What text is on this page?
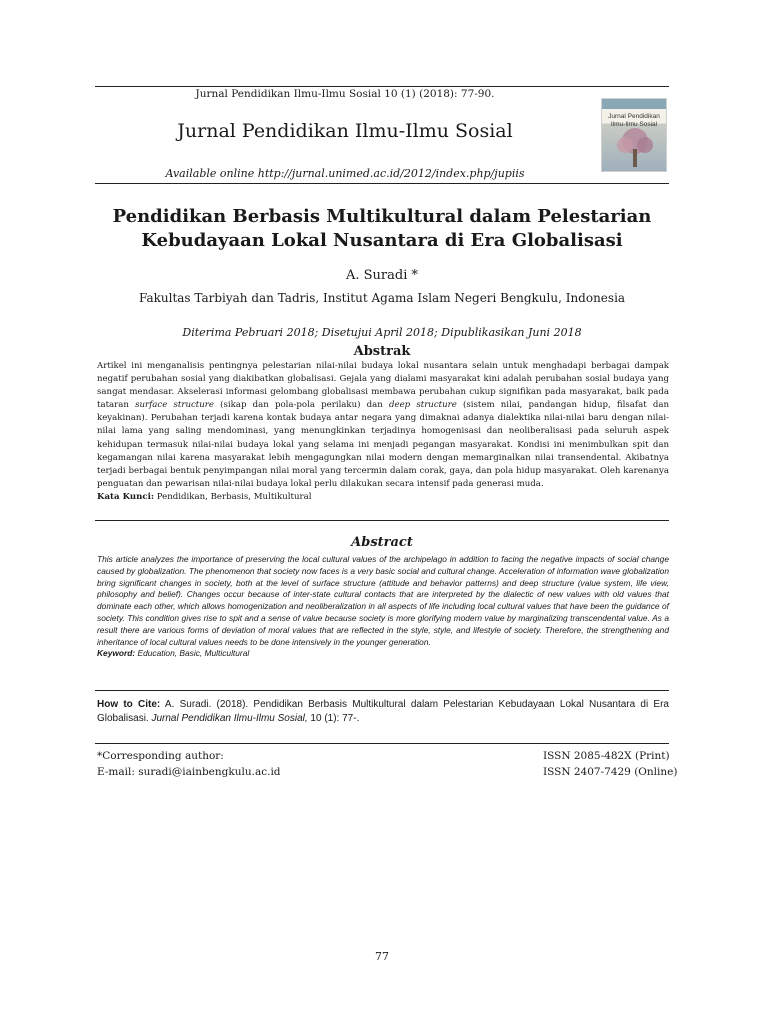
Jurnal Pendidikan Ilmu-Ilmu Sosial 10 (1) (2018): 77-90.
Jurnal Pendidikan Ilmu-Ilmu Sosial
Available online http://jurnal.unimed.ac.id/2012/index.php/jupiis
Jurnal Pendidikan
Ilmu-Ilmu Sosial
Pendidikan Berbasis Multikultural dalam Pelestarian
Kebudayaan Lokal Nusantara di Era Globalisasi
A. Suradi *
Fakultas Tarbiyah dan Tadris, Institut Agama Islam Negeri Bengkulu, Indonesia
Diterima Pebruari 2018; Disetujui April 2018; Dipublikasikan Juni 2018
Abstrak
Artikel ini menganalisis pentingnya pelestarian nilai-nilai budaya lokal nusantara selain untuk menghadapi berbagai dampak negatif perubahan sosial yang diakibatkan globalisasi. Gejala yang dialami masyarakat kini adalah perubahan sosial budaya yang sangat mendasar. Akselerasi informasi gelombang globalisasi membawa perubahan cukup signifikan pada masyarakat, baik pada tataran surface structure (sikap dan pola-pola perilaku) dan deep structure (sistem nilai, pandangan hidup, filsafat dan keyakinan). Perubahan terjadi karena kontak budaya antar negara yang dimaknai adanya dialektika nilai-nilai baru dengan nilai-nilai lama yang saling mendominasi, yang menungkinkan terjadinya homogenisasi dan neoliberalisasi pada seluruh aspek kehidupan termasuk nilai-nilai budaya lokal yang selama ini menjadi pegangan masyarakat. Kondisi ini menimbulkan spit dan kegamangan nilai karena masyarakat lebih mengagungkan nilai modern dengan memarginalkan nilai transendental. Akibatnya terjadi berbagai bentuk penyimpangan nilai moral yang tercermin dalam corak, gaya, dan pola hidup masyarakat. Oleh karenanya penguatan dan pewarisan nilai-nilai budaya lokal perlu dilakukan secara intensif pada generasi muda.
Kata Kunci: Pendidikan, Berbasis, Multikultural
Abstract
This article analyzes the importance of preserving the local cultural values of the archipelago in addition to facing the negative impacts of social change caused by globalization. The phenomenon that society now faces is a very basic social and cultural change. Acceleration of information wave globalization bring significant changes in society, both at the level of surface structure (attitude and behavior patterns) and deep structure (value system, life view, philosophy and belief). Changes occur because of inter-state cultural contacts that are interpreted by the dialectic of new values with old values that dominate each other, which allows homogenization and neoliberalization in all aspects of life including local cultural values that have been the guidance of society. This condition gives rise to spit and a sense of value because society is more glorifying modern value by marginalizing transcendental value. As a result there are various forms of deviation of moral values that are reflected in the style, style, and lifestyle of society. Therefore, the strengthening and inheritance of local cultural values needs to be done intensively in the younger generation.
Keyword: Education, Basic, Multicultural
How to Cite: A. Suradi. (2018). Pendidikan Berbasis Multikultural dalam Pelestarian Kebudayaan Lokal Nusantara di Era Globalisasi. Jurnal Pendidikan Ilmu-Ilmu Sosial, 10 (1): 77-.
*Corresponding author:
E-mail: suradi@iainbengkulu.ac.id
ISSN 2085-482X (Print)
ISSN 2407-7429 (Online)
77
